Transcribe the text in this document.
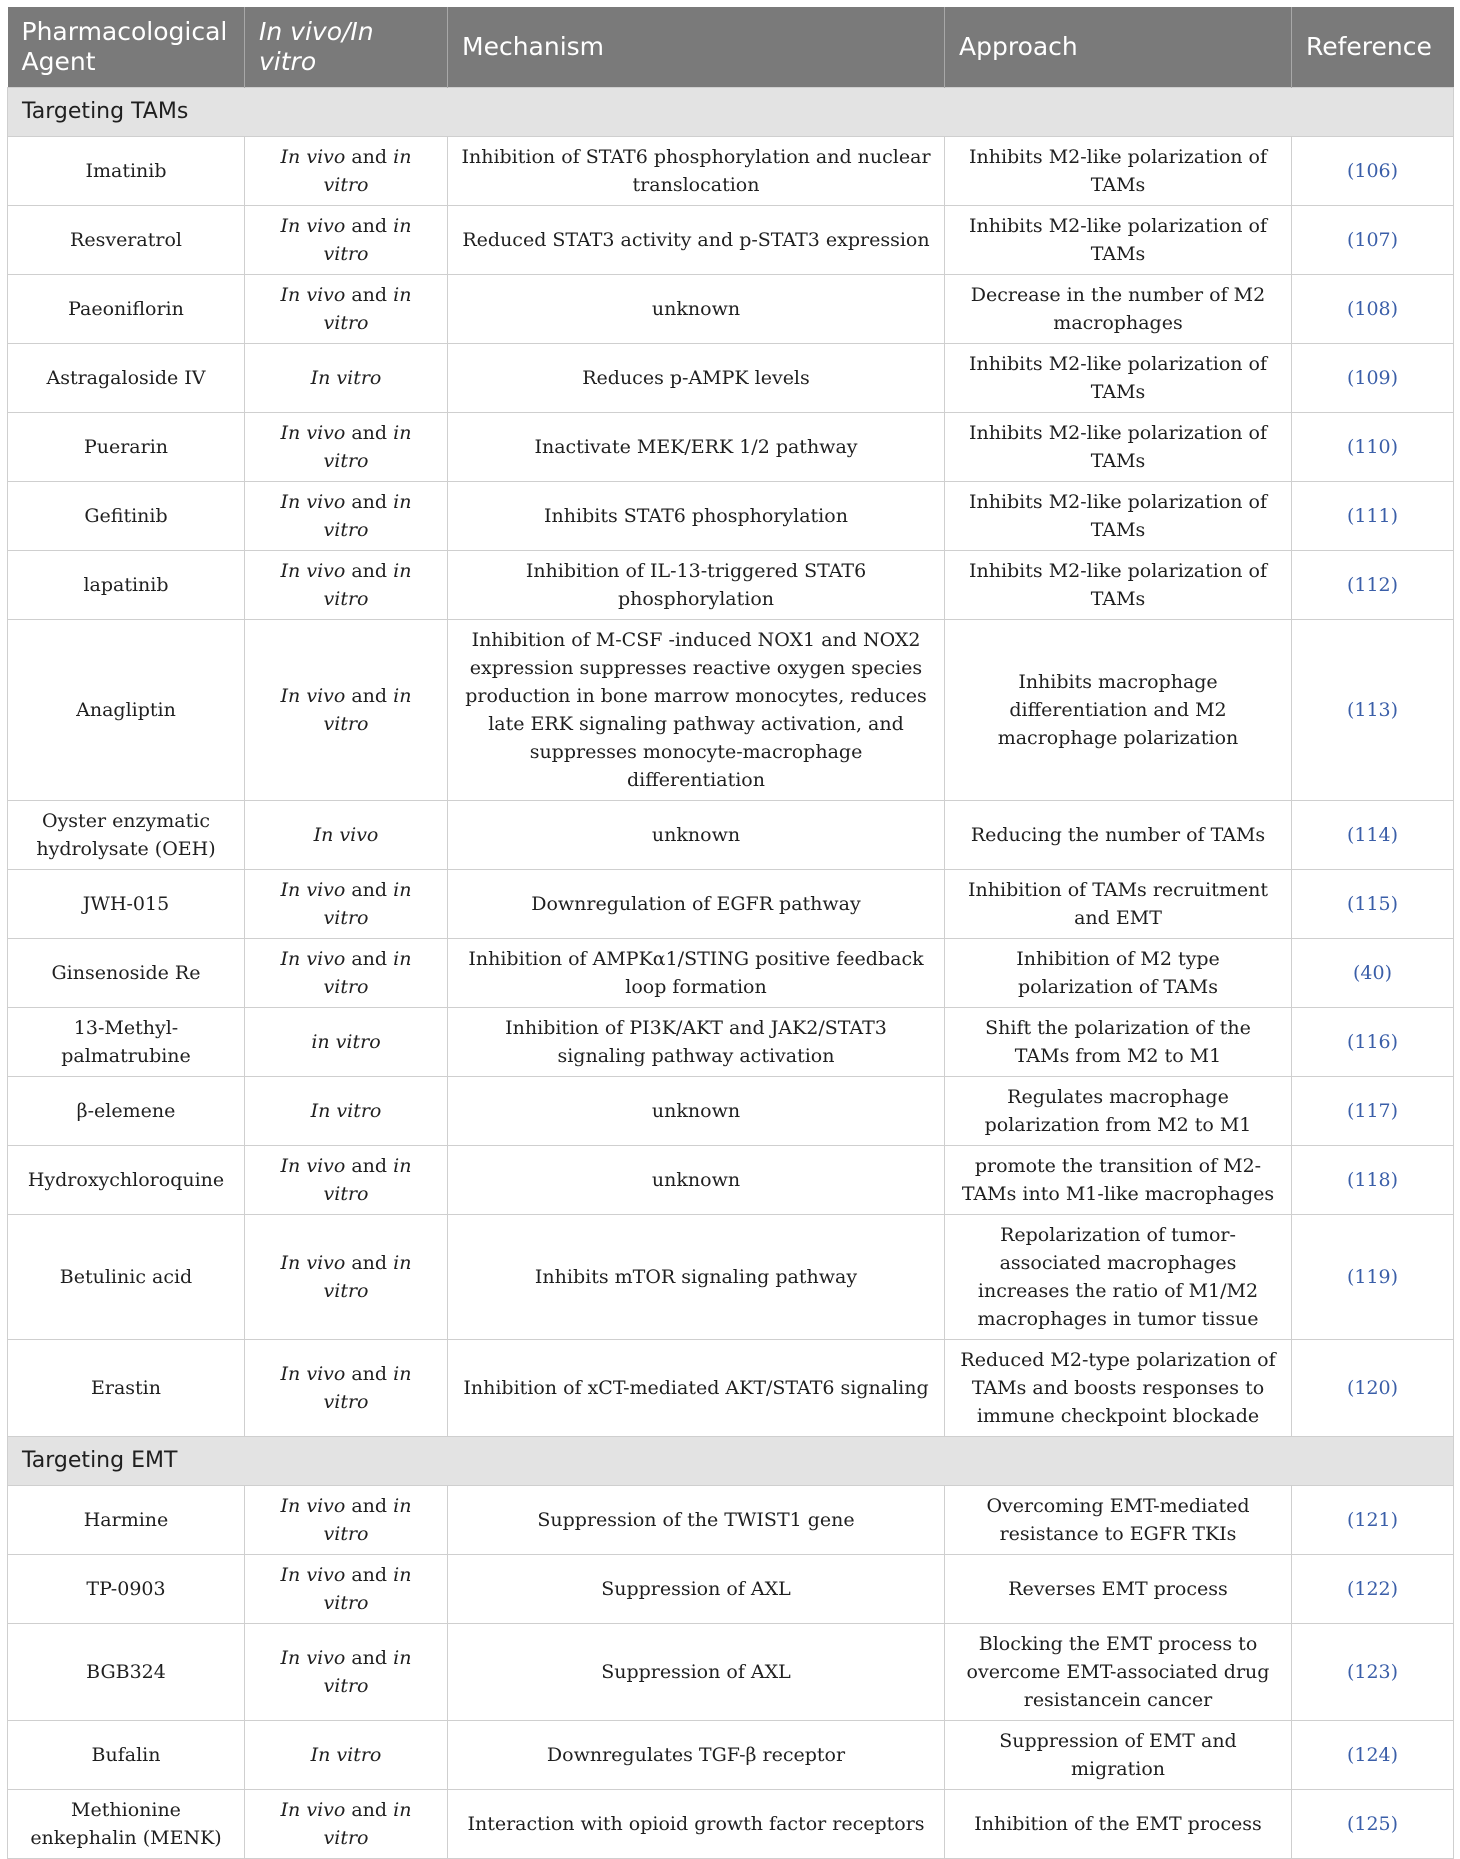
Pharmacological Agent	In vivo/In vitro	Mechanism	Approach	Reference
Targeting TAMs				
Imatinib	In vivo and in vitro	Inhibition of STAT6 phosphorylation and nuclear translocation	Inhibits M2-like polarization of TAMs	(106)
Resveratrol	In vivo and in vitro	Reduced STAT3 activity and p-STAT3 expression	Inhibits M2-like polarization of TAMs	(107)
Paeoniflorin	In vivo and in vitro	unknown	Decrease in the number of M2 macrophages	(108)
Astragaloside IV	In vitro	Reduces p-AMPK levels	Inhibits M2-like polarization of TAMs	(109)
Puerarin	In vivo and in vitro	Inactivate MEK/ERK 1/2 pathway	Inhibits M2-like polarization of TAMs	(110)
Gefitinib	In vivo and in vitro	Inhibits STAT6 phosphorylation	Inhibits M2-like polarization of TAMs	(111)
lapatinib	In vivo and in vitro	Inhibition of IL-13-triggered STAT6 phosphorylation	Inhibits M2-like polarization of TAMs	(112)
Anagliptin	In vivo and in vitro	Inhibition of M-CSF -induced NOX1 and NOX2 expression suppresses reactive oxygen species production in bone marrow monocytes, reduces late ERK signaling pathway activation, and suppresses monocyte-macrophage differentiation	Inhibits macrophage differentiation and M2 macrophage polarization	(113)
Oyster enzymatic hydrolysate (OEH)	In vivo	unknown	Reducing the number of TAMs	(114)
JWH-015	In vivo and in vitro	Downregulation of EGFR pathway	Inhibition of TAMs recruitment and EMT	(115)
Ginsenoside Re	In vivo and in vitro	Inhibition of AMPKα1/STING positive feedback loop formation	Inhibition of M2 type polarization of TAMs	(40)
13-Methyl-palmatrubine	in vitro	Inhibition of PI3K/AKT and JAK2/STAT3 signaling pathway activation	Shift the polarization of the TAMs from M2 to M1	(116)
β-elemene	In vitro	unknown	Regulates macrophage polarization from M2 to M1	(117)
Hydroxychloroquine	In vivo and in vitro	unknown	promote the transition of M2-TAMs into M1-like macrophages	(118)
Betulinic acid	In vivo and in vitro	Inhibits mTOR signaling pathway	Repolarization of tumor-associated macrophages increases the ratio of M1/M2 macrophages in tumor tissue	(119)
Erastin	In vivo and in vitro	Inhibition of xCT-mediated AKT/STAT6 signaling	Reduced M2-type polarization of TAMs and boosts responses to immune checkpoint blockade	(120)
Targeting EMT				
Harmine	In vivo and in vitro	Suppression of the TWIST1 gene	Overcoming EMT-mediated resistance to EGFR TKIs	(121)
TP-0903	In vivo and in vitro	Suppression of AXL	Reverses EMT process	(122)
BGB324	In vivo and in vitro	Suppression of AXL	Blocking the EMT process to overcome EMT-associated drug resistancein cancer	(123)
Bufalin	In vitro	Downregulates TGF-β receptor	Suppression of EMT and migration	(124)
Methionine enkephalin (MENK)	In vivo and in vitro	Interaction with opioid growth factor receptors	Inhibition of the EMT process	(125)
